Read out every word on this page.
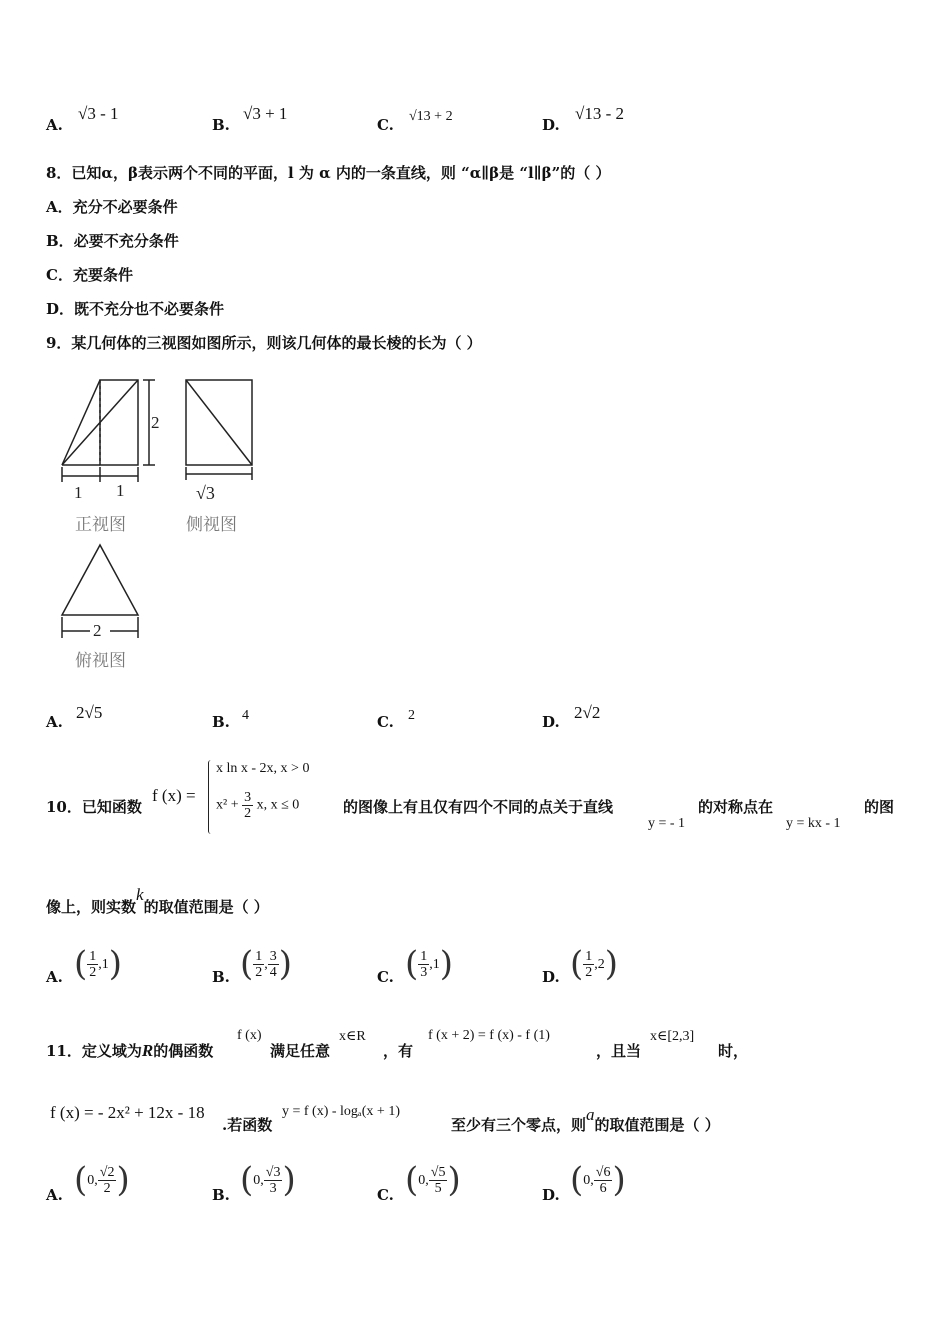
A.
√3 - 1
B.
√3 + 1
C. √13 + 2	D.
√13 - 2
8．已知α，β表示两个不同的平面，l 为 α 内的一条直线，则 “α∥β是 “l∥β”的（ ）
A．充分不必要条件
B．必要不充分条件
C．充要条件
D．既不充分也不必要条件
9．某几何体的三视图如图所示，则该几何体的最长棱的长为（ ）
2
1 1	√3
2
正视图	侧视图
俯视图
A. 2√5	B. 4	C. 2	D. 2√2
10．已知函数
f (x) =
x ln x - 2x, x > 0
$x^2 + \frac{3}{2} x$, x ≤ 0	的图像上有且仅有四个不同的点关于直线
y = - 1
的对称点在
y = kx - 1
的图
像上，则实数k的取值范围是（ ）
A. ( $\frac{1}{2} ,1$)	B. ( $\frac{1}{2}$ , $\frac{3}{4}$ )	C. ( $\frac{1}{3} ,1$)	D. ( $\frac{1}{2} ,2$)
11．定义域为R的偶函数
f (x)
满足任意
x∈R
，有
f (x + 2) = f (x) - f (1)
，且当
x∈[2,3]
时，
f (x) = - 2x² + 12x - 18
.若函数
y = f (x) - logₐ(x + 1)
至少有三个零点，则a的取值范围是（ ）
A. (0, $\frac{√2}{2}$ )	B. (0, $\frac{√3}{3}$ )	C. (0, $\frac{√5}{5}$ )	D. (0, $\frac{√6}{6}$ )
